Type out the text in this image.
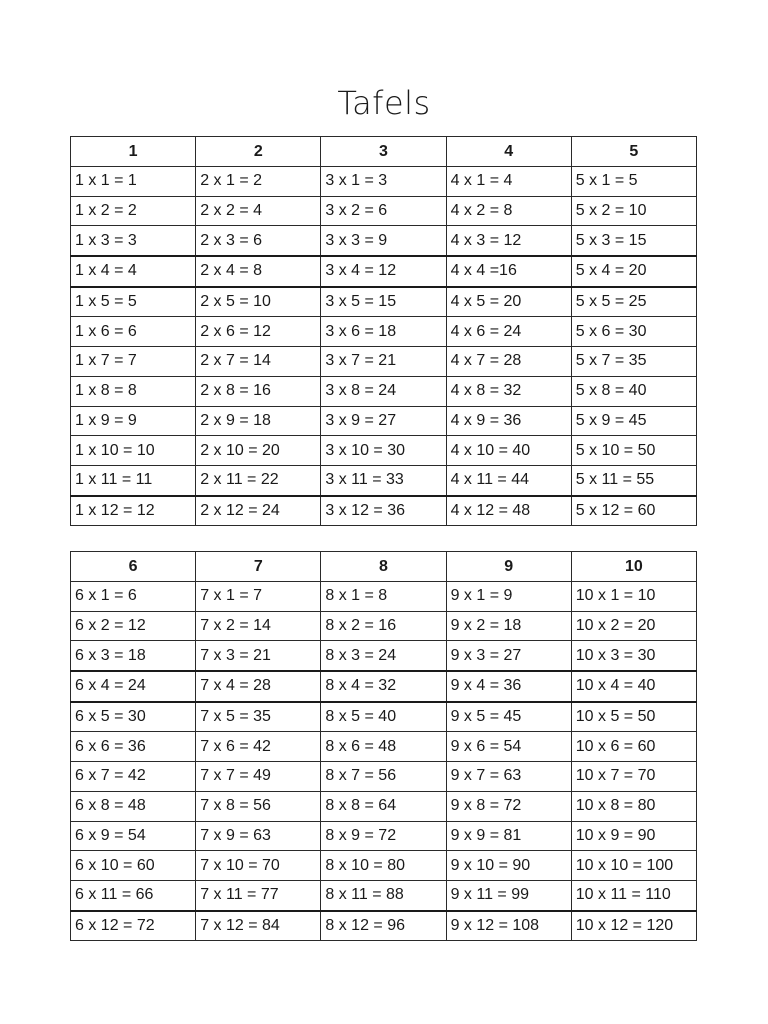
Tafels
1	2	3	4	5
1 x 1 = 1	2 x 1 = 2	3 x 1 = 3	4 x 1 = 4	5 x 1 = 5
1 x 2 = 2	2 x 2 = 4	3 x 2 = 6	4 x 2 = 8	5 x 2 = 10
1 x 3 = 3	2 x 3 = 6	3 x 3 = 9	4 x 3 = 12	5 x 3 = 15
1 x 4 = 4	2 x 4 = 8	3 x 4 = 12	4 x 4 =16	5 x 4 = 20
1 x 5 = 5	2 x 5 = 10	3 x 5 = 15	4 x 5 = 20	5 x 5 = 25
1 x 6 = 6	2 x 6 = 12	3 x 6 = 18	4 x 6 = 24	5 x 6 = 30
1 x 7 = 7	2 x 7 = 14	3 x 7 = 21	4 x 7 = 28	5 x 7 = 35
1 x 8 = 8	2 x 8 = 16	3 x 8 = 24	4 x 8 = 32	5 x 8 = 40
1 x 9 = 9	2 x 9 = 18	3 x 9 = 27	4 x 9 = 36	5 x 9 = 45
1 x 10 = 10	2 x 10 = 20	3 x 10 = 30	4 x 10 = 40	5 x 10 = 50
1 x 11 = 11	2 x 11 = 22	3 x 11 = 33	4 x 11 = 44	5 x 11 = 55
1 x 12 = 12	2 x 12 = 24	3 x 12 = 36	4 x 12 = 48	5 x 12 = 60
6	7	8	9	10
6 x 1 = 6	7 x 1 = 7	8 x 1 = 8	9 x 1 = 9	10 x 1 = 10
6 x 2 = 12	7 x 2 = 14	8 x 2 = 16	9 x 2 = 18	10 x 2 = 20
6 x 3 = 18	7 x 3 = 21	8 x 3 = 24	9 x 3 = 27	10 x 3 = 30
6 x 4 = 24	7 x 4 = 28	8 x 4 = 32	9 x 4 = 36	10 x 4 = 40
6 x 5 = 30	7 x 5 = 35	8 x 5 = 40	9 x 5 = 45	10 x 5 = 50
6 x 6 = 36	7 x 6 = 42	8 x 6 = 48	9 x 6 = 54	10 x 6 = 60
6 x 7 = 42	7 x 7 = 49	8 x 7 = 56	9 x 7 = 63	10 x 7 = 70
6 x 8 = 48	7 x 8 = 56	8 x 8 = 64	9 x 8 = 72	10 x 8 = 80
6 x 9 = 54	7 x 9 = 63	8 x 9 = 72	9 x 9 = 81	10 x 9 = 90
6 x 10 = 60	7 x 10 = 70	8 x 10 = 80	9 x 10 = 90	10 x 10 = 100
6 x 11 = 66	7 x 11 = 77	8 x 11 = 88	9 x 11 = 99	10 x 11 = 110
6 x 12 = 72	7 x 12 = 84	8 x 12 = 96	9 x 12 = 108	10 x 12 = 120
